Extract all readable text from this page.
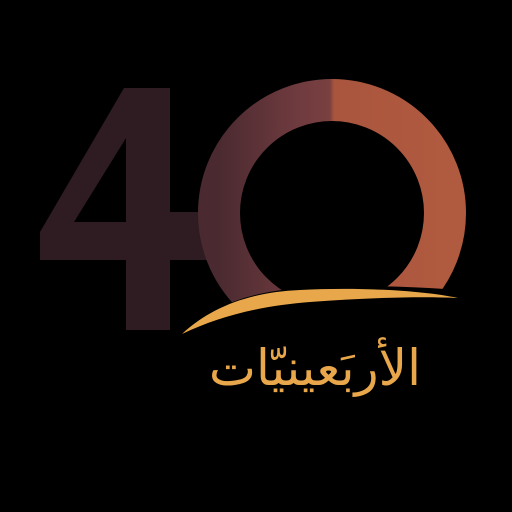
الأربَعينيّات
